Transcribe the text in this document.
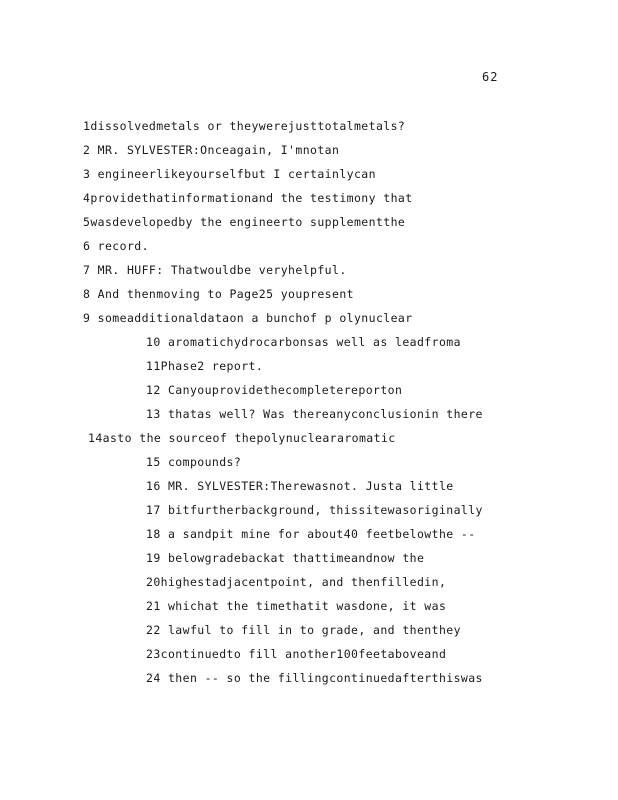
62
1dissolvedmetals or theywerejusttotalmetals?
2 MR. SYLVESTER:Onceagain, I'mnotan
3 engineerlikeyourselfbut I certainlycan
4providethatinformationand the testimony that
5wasdevelopedby the engineerto supplementthe
6 record.
7 MR. HUFF: Thatwouldbe veryhelpful.
8 And thenmoving to Page25 youpresent
9 someadditionaldataon a bunchof p olynuclear
10 aromatichydrocarbonsas well as leadfroma
11Phase2 report.
12 Canyouprovidethecompletereporton
13 thatas well? Was thereanyconclusionin there
14asto the sourceof thepolynucleararomatic
15 compounds?
16 MR. SYLVESTER:Therewasnot. Justa little
17 bitfurtherbackground, thissitewasoriginally
18 a sandpit mine for about40 feetbelowthe --
19 belowgradebackat thattimeandnow the
20highestadjacentpoint, and thenfilledin,
21 whichat the timethatit wasdone, it was
22 lawful to fill in to grade, and thenthey
23continuedto fill another100feetaboveand
24 then -- so the fillingcontinuedafterthiswas
